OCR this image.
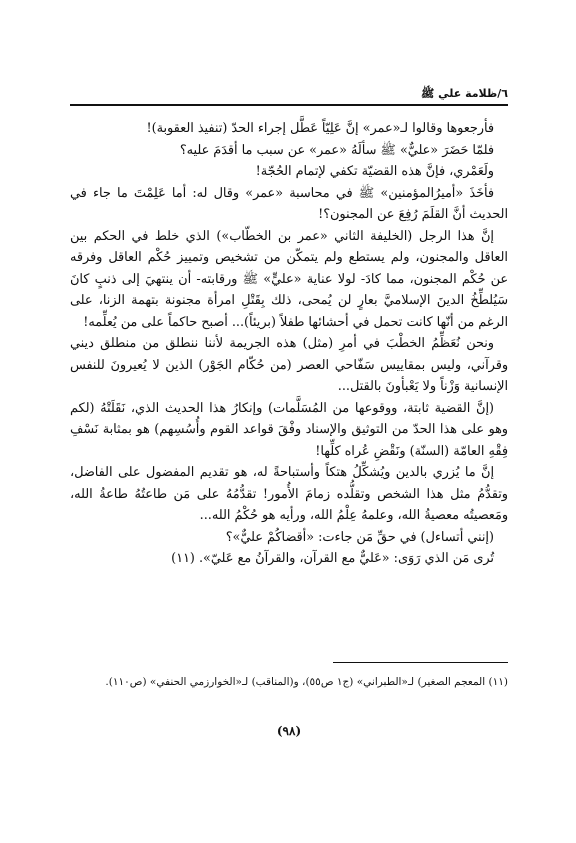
٦/ظلامة علي ﷺ

فأرجعوها وقالوا لـ«عمر» إنَّ عَلِيّاً عَطَّل إجراء الحدّ (تنفيذ العقوبة)!

فلمّا حَضَرَ «عليٌّ» ﷺ سألَهُ «عمر» عن سبب ما أقدَمَ عليه؟

ولَعَمْري، فإنَّ هذه القضيّة تكفي لإتمام الحُجّة!

فأخَذَ «أميرُالمؤمنين» ﷺ في محاسبة «عمر» وقال له: أما عَلِمْتَ ما جاء في الحديث أنَّ القلَمَ رُفِعَ عن المجنون؟!

إنَّ هذا الرجل (الخليفة الثاني «عمر بن الخطّاب») الذي خلط في الحكم بين العاقل والمجنون، ولم يستطع ولم يتمكّن من تشخيص وتمييز حُكْم العاقل وفرقه عن حُكْم المجنون، مما كادَ- لولا عناية «عليٍّ» ﷺ ورقابته- أن ينتهيَ إلى ذنبٍ كانَ سَيُلطِّخُ الدينَ الإسلاميَّ بعارٍ لن يُمحى، ذلك بِقَتْلِ امرأة مجنونة بتهمة الزنا، على الرغم من أنّها كانت تحمل في أحشائها طفلاً (بريئاً)... أصبح حاكماً على من يُعلِّمه!

ونحن نُعَظِّمُ الخطْبَ في أمرِ (مثل) هذه الجريمة لأننا ننطلق من منطلق ديني وقرآني، وليس بمقاييس سَفّاحي العصر (من حُكّام الجَوْر) الذين لا يُعيرونَ للنفس الإنسانية وَزْناً ولا يَعْبأونَ بالقتل...

(إنَّ القضية ثابتة، ووقوعها من المُسَلَّمات) وإنكارُ هذا الحديث الذي، نَقَلَتْهُ (لكم وهو على هذا الحدّ من التوثيق والإسناد وفْقَ قواعد القوم وأُسُسِهم) هو بمثابة نَسْفِ فِقْهِ العامّة (السنّة) ونَقْضِ عُراه كلِّها!

إنَّ ما يُزري بالدين ويُشكِّلُ هتكاً وأستباحةً له، هو تقديم المفضول على الفاضل، وتقدُّمُ مثل هذا الشخص وتقلُّده زمامَ الأُمور! تقدُّمُهُ على مَن طاعتُهُ طاعةُ الله، ومَعصيتُه معصيةُ الله، وعلمهُ عِلْمُ الله، ورأيه هو حُكْمُ الله...

(إنني أتساءل) في حقِّ مَن جاءت: «أقضاكُمْ عليٌّ»؟

تُرى مَن الذي رَوَى: «عَليٌّ مع القرآن، والقرآنُ مع عَليّ». (١١)

(١١) المعجم الصغير) لـ«الطبراني» (ج١ ص٥٥)، و(المناقب) لـ«الخوارزمي الحنفي» (ص١١٠).

(٩٨)
